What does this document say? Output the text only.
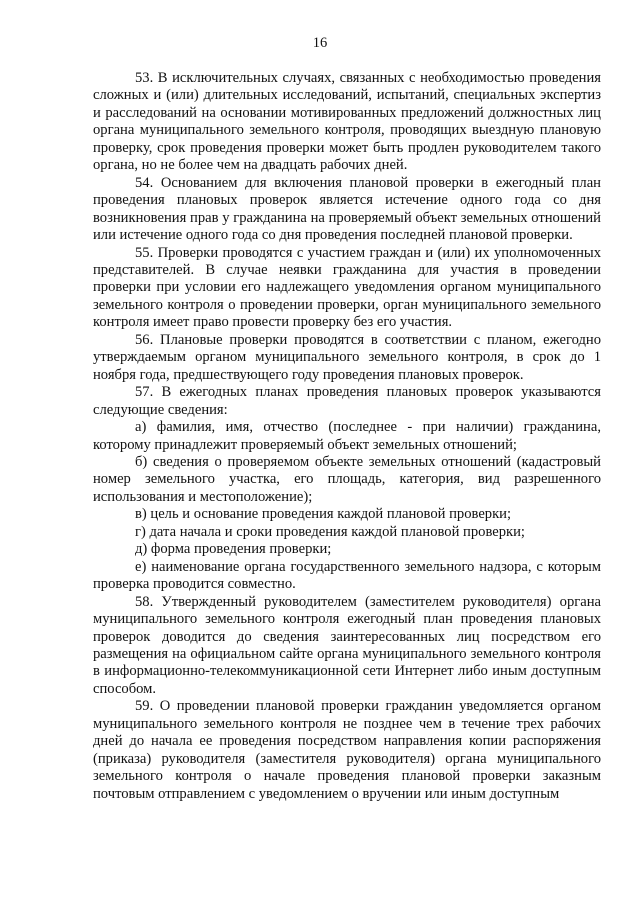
16

53. В исключительных случаях, связанных с необходимостью проведения сложных и (или) длительных исследований, испытаний, специальных экспертиз и расследований на основании мотивированных предложений должностных лиц органа муниципального земельного контроля, проводящих выездную плановую проверку, срок проведения проверки может быть продлен руководителем такого органа, но не более чем на двадцать рабочих дней.

54. Основанием для включения плановой проверки в ежегодный план проведения плановых проверок является истечение одного года со дня возникновения прав у гражданина на проверяемый объект земельных отношений или истечение одного года со дня проведения последней плановой проверки.

55. Проверки проводятся с участием граждан и (или) их уполномоченных представителей. В случае неявки гражданина для участия в проведении проверки при условии его надлежащего уведомления органом муниципального земельного контроля о проведении проверки, орган муниципального земельного контроля имеет право провести проверку без его участия.

56. Плановые проверки проводятся в соответствии с планом, ежегодно утверждаемым органом муниципального земельного контроля, в срок до 1 ноября года, предшествующего году проведения плановых проверок.

57. В ежегодных планах проведения плановых проверок указываются следующие сведения:

а) фамилия, имя, отчество (последнее - при наличии) гражданина, которому принадлежит проверяемый объект земельных отношений;

б) сведения о проверяемом объекте земельных отношений (кадастровый номер земельного участка, его площадь, категория, вид разрешенного использования и местоположение);

в) цель и основание проведения каждой плановой проверки;

г) дата начала и сроки проведения каждой плановой проверки;

д) форма проведения проверки;

е) наименование органа государственного земельного надзора, с которым проверка проводится совместно.

58. Утвержденный руководителем (заместителем руководителя) органа муниципального земельного контроля ежегодный план проведения плановых проверок доводится до сведения заинтересованных лиц посредством его размещения на официальном сайте органа муниципального земельного контроля в информационно-телекоммуникационной сети Интернет либо иным доступным способом.

59. О проведении плановой проверки гражданин уведомляется органом муниципального земельного контроля не позднее чем в течение трех рабочих дней до начала ее проведения посредством направления копии распоряжения (приказа) руководителя (заместителя руководителя) органа муниципального земельного контроля о начале проведения плановой проверки заказным почтовым отправлением с уведомлением о вручении или иным доступным
